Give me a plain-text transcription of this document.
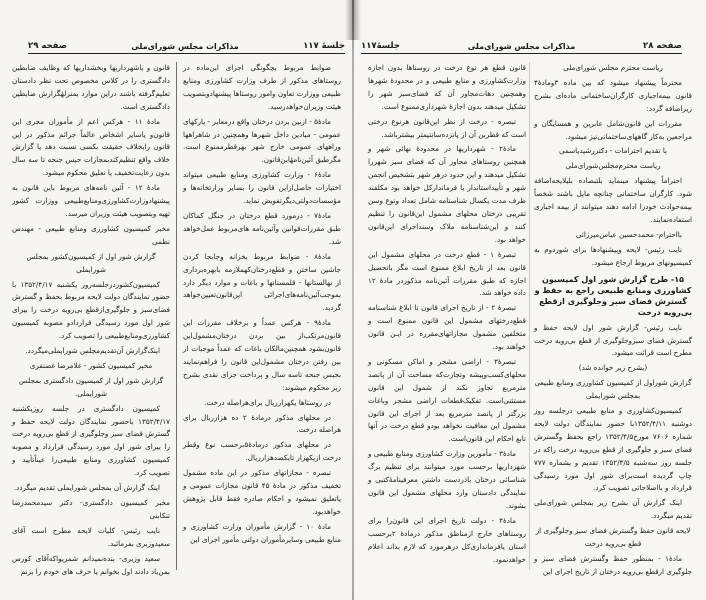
صفحه ۲۹	مذاکرات مجلس شورای‌ملی	جلسهٔ ۱۱۷

ضوابط مربوط بچگونگی اجرای این‌ماده در روستاهای مذکور از طرف وزارت کشاورزی ومنابع طبیعی ووزارت تعاون وامور روستاها پیشنهادوبتصویب هیئت وزیران‌خواهدرسید.

مادهٔ۵ - ازبین بردن درختان واقع درمعابر - پارکهای عمومی - میادین داخل شهرها وهمچنین در شاهراهها وراههای عمومی خارج شهر بهرقطرممنوع است. مگرطبق آئین‌نامهٔاین‌قانون.

مادهٔ۶ - وزارت کشاورزی ومنابع طبیعی میتواند اختیارات حاصل‌ازاین قانون را بسایر وزارتخانه‌ها و مؤسسات‌دولتی‌دیگرتفویض نماید.

مادهٔ۷ - درمورد قطع درختان در جنگل کماکان طبق مقررات‌قوانین وآئین‌نامه های‌مربوط عمل‌خواهد شد.

مادهٔ۸ - ضوابط مربوط بخزانه وجابجا کردن جاشین ساختن و قطع‌درختان‌کهملازمه بابهره‌برداری از نهالستانها - قلمستانها و باغات و موارد دیگر دارد بموجب‌آئین‌نامه‌های‌اجرائی این‌قانون‌تعیین‌خواهد گردید.

مادهٔ۹ - هرکس عمداً و برخلاف مقررات این قانون‌مرتکب‌از بین بردن درختان‌مشمول‌این قانون‌بشود همچنین‌مالکان باغات که عمداً موجبات از بین رفتن درختان مشمول‌این قانون را فراهم‌نمایند بحبس جنحه تاسه سال و پرداخت جزای نقدی بشرح زیر محکوم میشوند:

در روستاها یکهزارریال برای‌هراصله درخت.

در محلهای مذکور درمادهٔ ۲ ده هزارریال برای هراصله درخت.

در محلهای مذکور درمادهٔ۵برحسب نوع وقطر درخت ازیکهزار تایکصدهزارریال.

تبصره - مجازاتهای مذکور در این ماده مشمول تخفیف مذکور در مادهٔ ۴۵ قانون مجازات عمومی و یاتعلیق نمیشود و احکام صادره فقط قابل پژوهش خواهدبود.

مادهٔ ۱۰ - گزارش مأموران وزارت کشاورزی و منابع طبیعی وسایرمأموران دولتی مأمور اجرای این

قانون و باشهرداریها وبخشداریها که وظایف ضابطین دادگستری را در کلاس مخصوص تحت نظر دادستان تعلیم‌گرفته باشند دراین موارد بمنزلهٔگزارش ضابطین دادگستری است.

مادهٔ ۱۱ - هرکس اعم از مأموران مجری این قانون‌و یاسایر اشخاص عالماً جرائم مذکور در این قانون رابخلاف حقیقت بکسی نسبت دهد یا گزارش خلاف واقع تنظیم‌کندبمجازات حبس جنحه تا سه سال بدون رعایت‌تخفیف یا تعلیق محکوم میشود.

مادهٔ ۱۲ - آئین نامه‌های مربوط باین قانون به پیشنهادوزارت‌کشاورزی‌ومنابع‌طبیعی ووزارت کشور تهیه وبتصویب هیئت وزیران میرسد.

مخبر کمیسیون کشاورزی ومنابع طبیعی - مهندس نظمی

گزارش شور اول از کمیسیون‌کشور بمجلس شورایملی

کمیسیون‌کشوردرجلسه‌روز یکشنبه ۱۳۵۲/۴/۱۷ با حضور نمایندگان دولت لایحه مربوط بحفظ و گسترش فضای‌سبز و جلوگیری‌ازقطع بی‌رویه درخت را بیرای شور اول مورد رسیدگی قراردادو مصوبه کمیسیون کشاورزی‌ومنابع‌طبیعی را تصویب کرد.

اینک‌گزارش آن‌تقدیم‌مجلس شورایملی‌میگردد.

مخبر کمیسیون کشور - غلامرضا غضنفری

گزارش شور اول از کمیسیون دادگستری بمجلس شورایملی.

کمیسیون دادگستری در جلسه روزیکشنبه ۱۳۵۲/۴/۱۷ باحضور نمایندگان دولت لایحه حفظ و گسترش فضای سبز وجلوگیری از قطع بی‌رویه درخت را بیرای شور اول مورد رسیدگی قرارداد و مصوبه کمیسیون کشاورزی ومنابع طبیعی‌را عیناًتأیید و تصویب کرد.

اینک گزارش آن بمجلس شورایملی تقدیم میگردد.

مخبر کمیسیون دادگستری- دکتر سیدمحمدرضا تنکابنی

نایب رئیس- کلیات لایحه مطرح است آقای سعیدوزیری بفرمائید.

سعید وزیری- بنده‌نمیدانم شمریواکه‌آقای کورس بمن‌یاد دادند اول بخوانم یا حرف های خودم را بزنم

جلسهٔ۱۱۷	مذاکرات مجلس شورای‌ملی	صفحه ۲۸

ریاست محترم مجلس شورای‌ملی

محترماً پیشنهاد میشود که بین ماده ۳ومادهٔ۴ قانون بیمه‌اجباری کارگران‌ساختمانی ماده‌ای بشرح زیراضافه گردد:

مقررات این قانون‌شامل عابرین و همسایگان و مراجعین به‌کار گاههای‌ساختمانی‌نیز میشود.

با تقدیم احترامات - دکتررشیدیاسمی

ریاست محترم‌مجلس‌شورای‌ملی

احتراماً پیشنهاد مینماید بلتبصاده بلیلایحه‌اضافه شود. کارگران ساختمانی چنانچه مایل باشند شخصاً بیمه‌حوادث خودرا ادامه دهند میتوانند از بیمه اجباری استفاده‌نمایند.

بااحترام- محمدحسین عباس‌میرزائی

نایب رئیس- لایحه وپیشنهادها برای شوردوم به کمیسیونهای مربوط ارجاع میشود.

۱۵- طرح گزارش شور اول کمیسیون کشاورزی ومنابع طبیعی راجع به حفظ و گسترش فضای سبز وجلوگیری ازقطع بی‌رویه درخت

نایب رئیس- گزارش شور اول لایحه حفظ و گسترش فضای سبزوجلوگیری از قطع بی‌رویه درخت مطرح است قرائت میشود.

(بشرح زیر خوانده شد)

گزارش شوراول از کمیسیون کشاورزی ومنابع طبیعی بمجلس شورایملی

کمیسیون‌کشاورزی و منابع طبیعی درجلسه روز دوشنبه ۱۳۵۲/۴/۱۱با حضور نمایندگان دولت لایحه شماره ۷۶۰۶ مورخ۱۳۵۲/۴/۵ راجع بحفظ وگسترش فضای سبز و جلوگیری از قطع بی‌رویه درخت راکه در جلسه روز سه‌شنبه ۱۳۵۲/۴/۵ تقدیم و بشماره ۷۷۷ چاپ گردیده است‌برای شور اول مورد رسیدگی قرارداد و بااصلاحاتی تصویب کرد.

اینک گزارش آن بشرح زیر بمجلس شورای‌ملی تقدیم میگردد.

لایحه قانون حفظ وگسترش فضای سبز وجلوگیری از قطع بی‌رویه درخت

مادهٔ۱ - بمنظور حفظ وگسترش فضای سبز و جلوگیری ازقطع بی‌رویه درختان از تاریخ اجرای این

قانون قطع هر نوع درخت در روستاها بدون اجازه وزارت‌کشاورزی و منابع طبیعی و در محدودهٔ شهرها وهمچنین دهات‌مجاور آن که فضای‌سبز شهر را تشکیل میدهند بدون اجازهٔ شهرداری‌ممنوع است.

تبصره - درخت از نظر این‌قانون هرنوع درختی است که قطربن آن از پانزده‌سانتیمتر بیشترباشد.

مادهٔ۲ - شهرداریها در محدودهٔ نهائی شهر و همچنین روستاهای مجاور آن که فضای سبز شهررا تشکیل میدهند و این حدود درهر شهر بتشخیص انجمن شهر و تأییداستاندار یا فرماندارکل خواهد بود مکلفند ظرف مدت یکسال شناسنامه شامل تعداد ونوع وسن تقریبی درختان محلهای مشمول این‌قانون را تنظیم کنند و این‌شناسنامه ملاک وسندا‌جرای این‌قانون خواهد بود.

تبصرهٔ ۱ - قطع درخت در محلهای مشمول این قانون بعد از تاریخ ابلاغ ممنوع است مگر باتحصیل اجازه که طبق مقررات آئین‌نامه مذکوردر مادهٔ ۱۲ داده خواهد شد.

تبصرهٔ ۲ - از تاریخ اجرای قانون تا ابلاغ شناسنامه قطع‌درختهای مشمول این قانون ممنوع است و متخلفین مشمول مجازاتهای‌مقرره در ایـن قانون خواهند بود.

تبصرهٔ۳ - اراضی مشجر و اماکن مسکونی و محلهای‌کسب‌وپیشه وتجارت‌که مساحت آن از پانصد مترمربع تجاوز نکند از شمول این قانون مستثنی‌است. تفکیک‌قطعات اراضی مشجر وباغات بزرگتر از پانصد مترمربع بعد از اجرای این قانون مشمول این معافیت نخواهد بودو قطع درخت در آنها تابع احکام این قانون‌است.

مادهٔ۳ - مأمورین وزارت کشاورزی ومنابع طبیعی و شهرداریها برحسب مورد میتوانند برای تنظیم برگ شناسائی درختان باذردست داشتن معرفینامهٔ‌کتبی و نمایندگی دادستان وارد محلهای مشمول این قانون بشوند.

مادهٔ۴ - دولت تاریخ اجرای این قانون‌را برای روستاهای خارج ازمناطق مذکور درمادهٔ ۲برحسب استان یافرمانداری‌کل درهرمورد که لازم بداند اعلام خواهدنمود.
